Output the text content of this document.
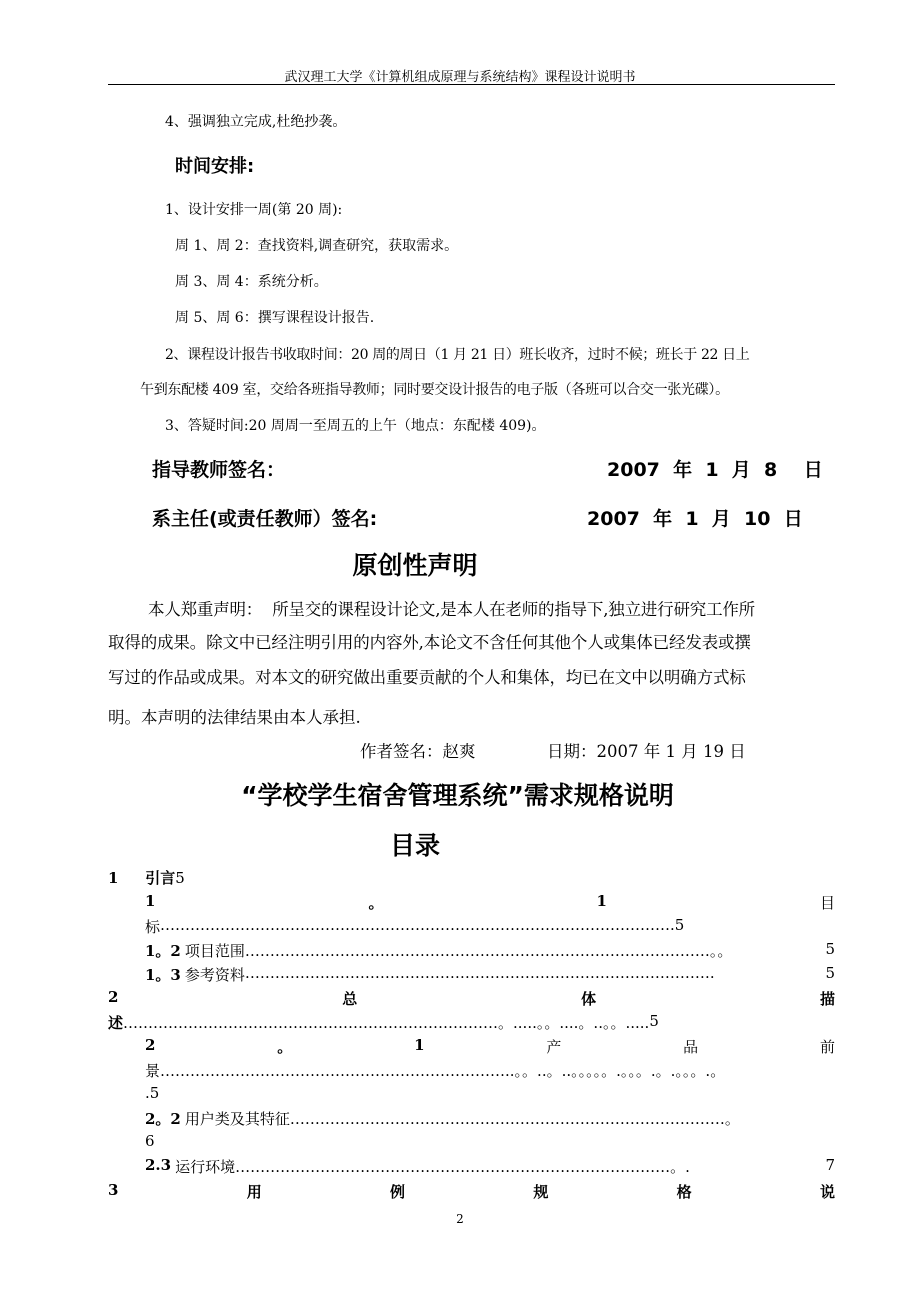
武汉理工大学《计算机组成原理与系统结构》课程设计说明书
4、强调独立完成,杜绝抄袭。
时间安排:
1、设计安排一周(第 20 周):
周 1、周 2：查找资料,调查研究，获取需求。
周 3、周 4：系统分析。
周 5、周 6：撰写课程设计报告.
2、课程设计报告书收取时间：20 周的周日（1 月 21 日）班长收齐，过时不候；班长于 22 日上
午到东配楼 409 室，交给各班指导教师；同时要交设计报告的电子版（各班可以合交一张光碟）。
3、答疑时间:20 周周一至周五的上午（地点：东配楼 409)。
指导教师签名：	2007  年  1  月  8    日
系主任(或责任教师）签名:	2007  年  1  月  10  日
原创性声明
本人郑重声明：  所呈交的课程设计论文,是本人在老师的指导下,独立进行研究工作所
取得的成果。除文中已经注明引用的内容外,本论文不含任何其他个人或集体已经发表或撰
写过的作品或成果。对本文的研究做出重要贡献的个人和集体，均已在文中以明确方式标
明。本声明的法律结果由本人承担.
作者签名：赵爽	日期：2007 年 1 月 19 日
“学校学生宿舍管理系统”需求规格说明
目录
1 引言5
1	。	1	目
标 …………………………………………………………………………………………. 5
1。2 项目范围 …………………………………………………………………………………。。	5
1。3 参考资料 ………………………………………………………………………………….	5
2	总	体	描
述 …………………………………………………………………。.....。。....。..。。..... 5
2	。	1	产	品	前
景 ……………………………………………………………..。。..。..。。。。。.。。。.。.。。。.。
.5
2。2 用户类及其特征 ……………………………………………………………………………。
6
2.3 运行环境 ……………………………………………………………………………。.	7
3	用	例	规	格	说
2
